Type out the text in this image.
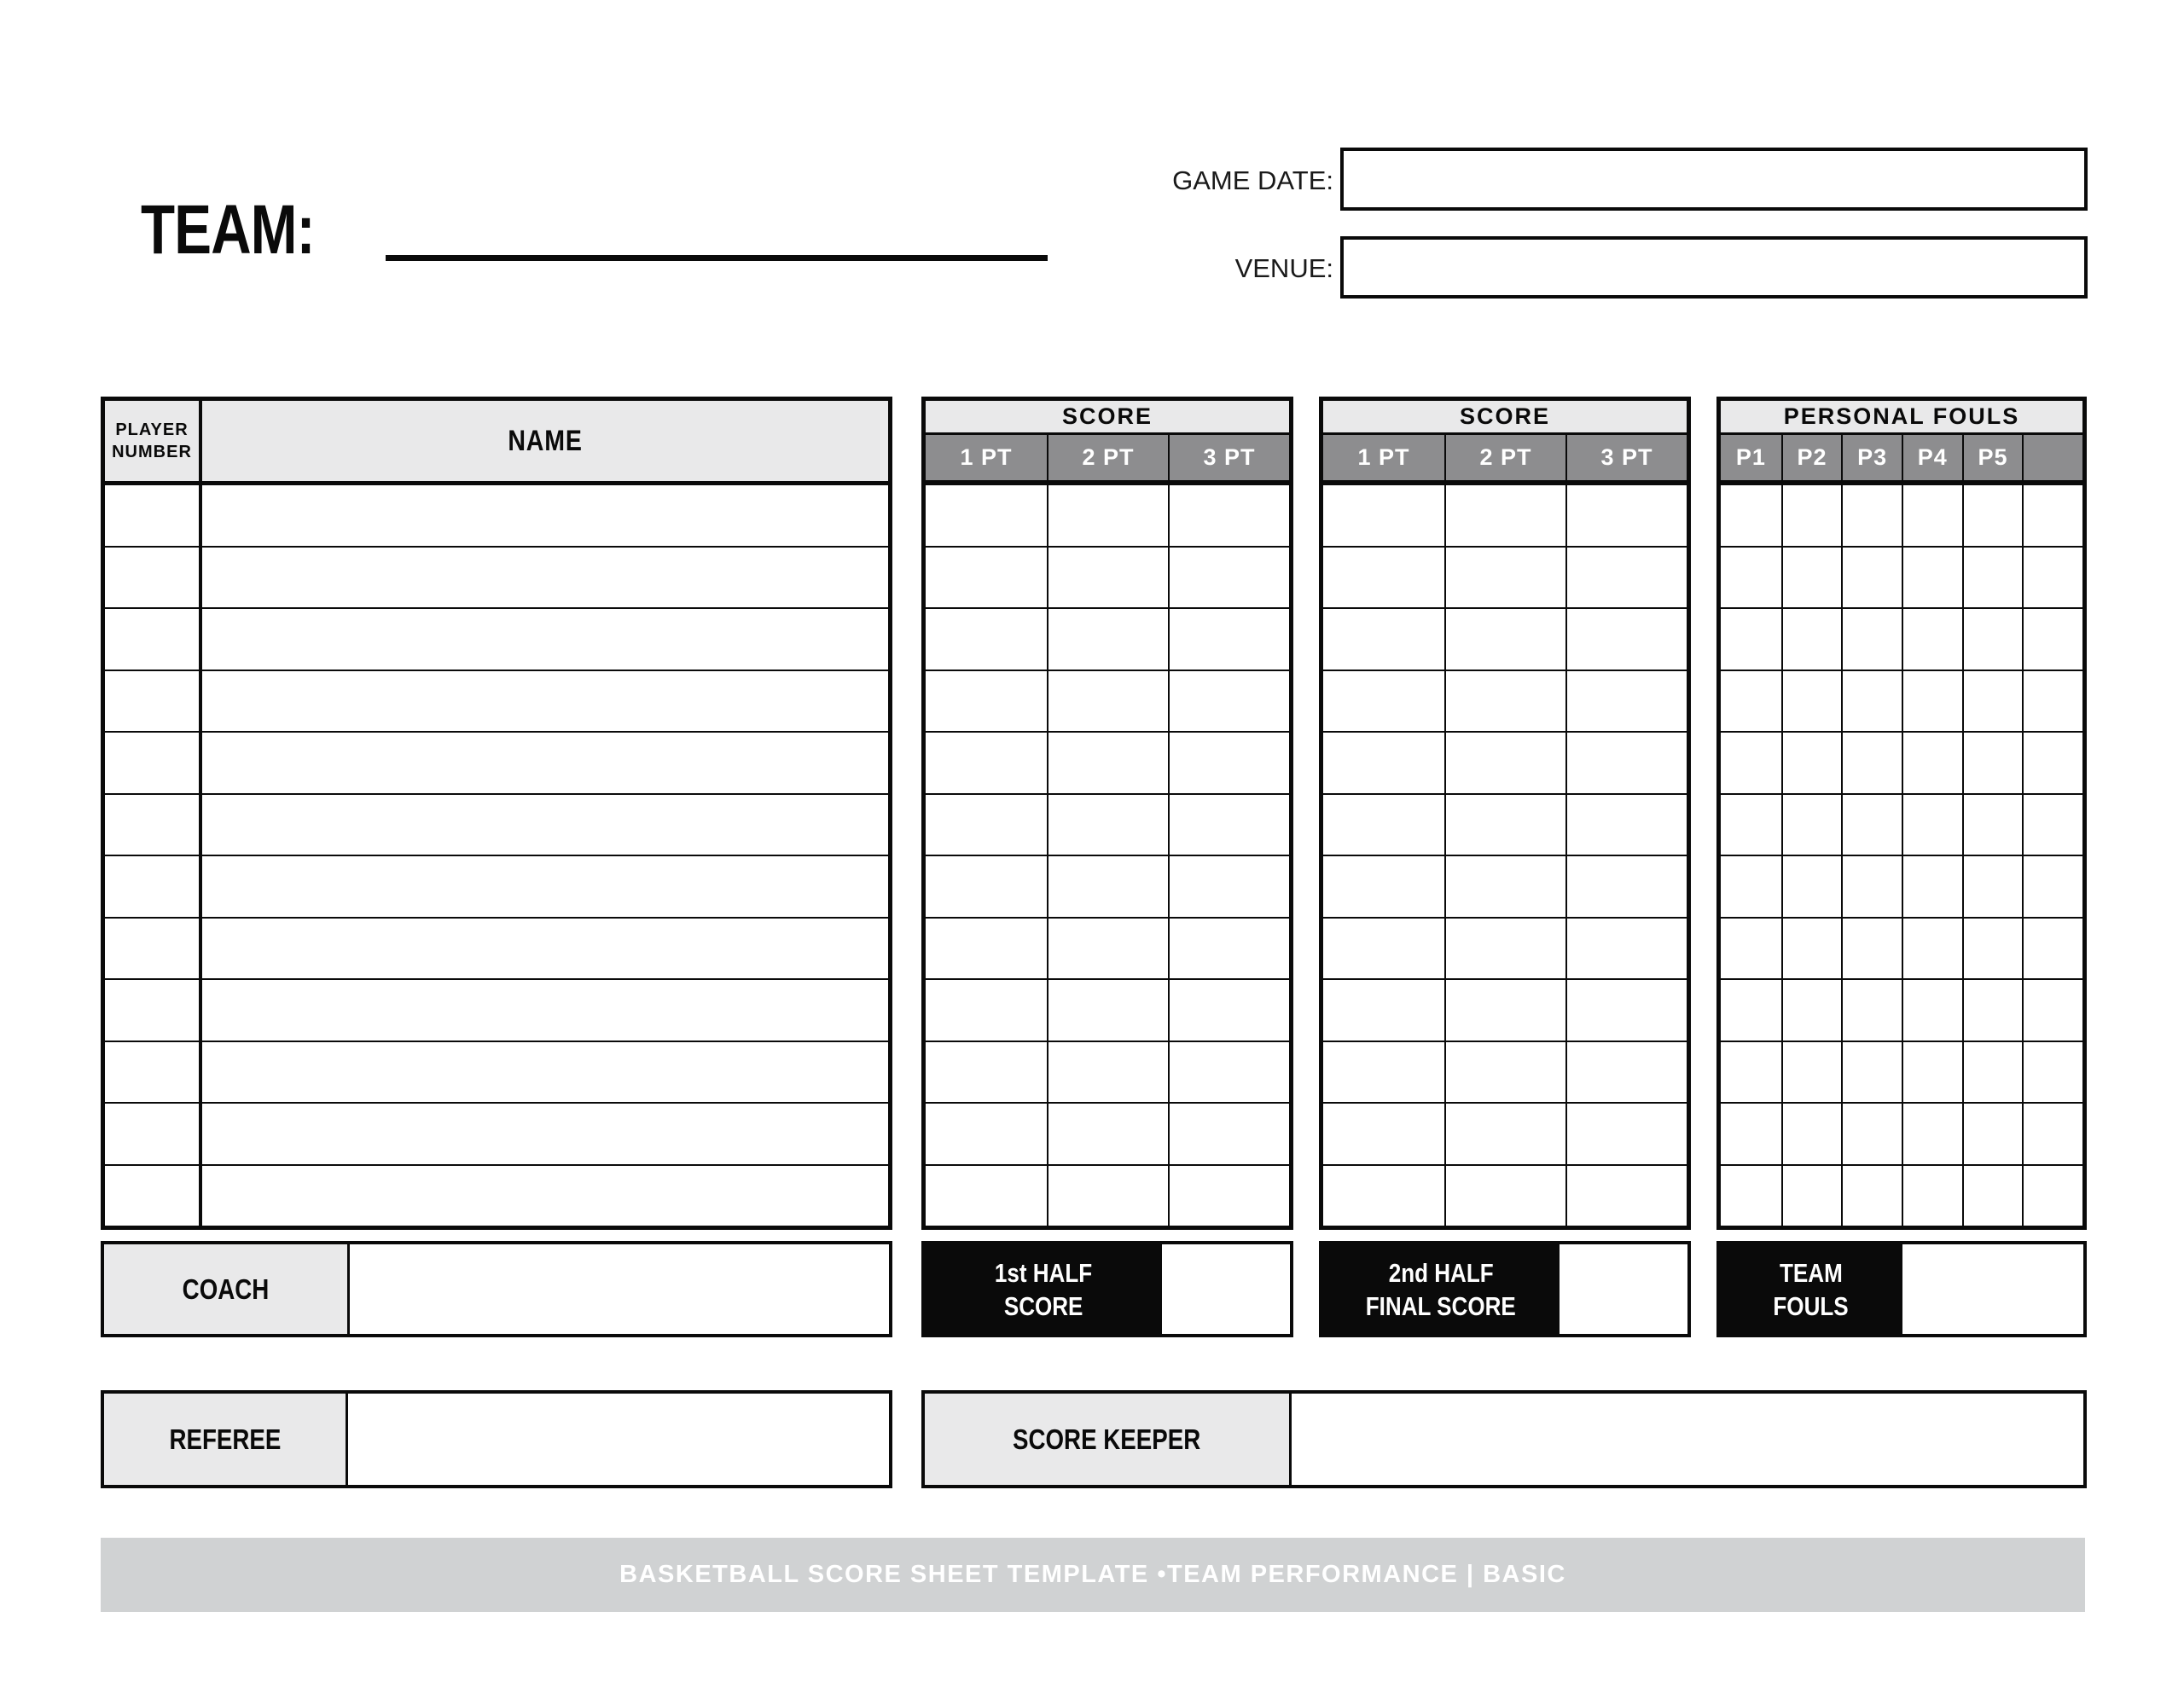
TEAM:
GAME DATE:
VENUE:
PLAYER
NUMBER	NAME
SCORE
1 PT	2 PT	3 PT
SCORE
1 PT	2 PT	3 PT
PERSONAL FOULS
P1	P2	P3	P4	P5
COACH
1st HALF
SCORE
2nd HALF
FINAL SCORE
TEAM
FOULS
REFEREE	SCORE KEEPER
BASKETBALL SCORE SHEET TEMPLATE •TEAM PERFORMANCE | BASIC
